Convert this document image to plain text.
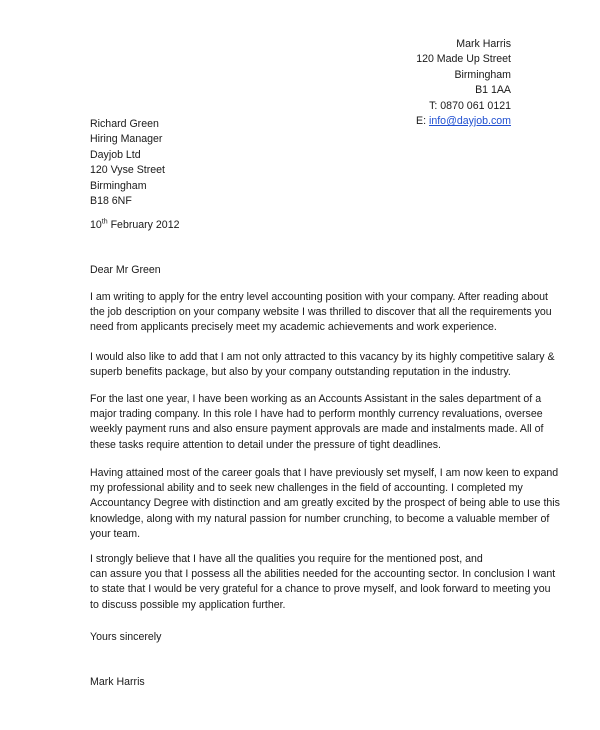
Mark Harris
120 Made Up Street
Birmingham
B1 1AA
T: 0870 061 0121
E: info@dayjob.com
Richard Green
Hiring Manager
Dayjob Ltd
120 Vyse Street
Birmingham
B18 6NF
10th February 2012
Dear Mr Green
I am writing to apply for the entry level accounting position with your company. After reading about
the job description on your company website I was thrilled to discover that all the requirements you
need from applicants precisely meet my academic achievements and work experience.
I would also like to add that I am not only attracted to this vacancy by its highly competitive salary &
superb benefits package, but also by your company outstanding reputation in the industry.
For the last one year, I have been working as an Accounts Assistant in the sales department of a
major trading company. In this role I have had to perform monthly currency revaluations, oversee
weekly payment runs and also ensure payment approvals are made and instalments made. All of
these tasks require attention to detail under the pressure of tight deadlines.
Having attained most of the career goals that I have previously set myself, I am now keen to expand
my professional ability and to seek new challenges in the field of accounting. I completed my
Accountancy Degree with distinction and am greatly excited by the prospect of being able to use this
knowledge, along with my natural passion for number crunching, to become a valuable member of
your team.
I strongly believe that I have all the qualities you require for the mentioned post, and
can assure you that I possess all the abilities needed for the accounting sector. In conclusion I want
to state that I would be very grateful for a chance to prove myself, and look forward to meeting you
to discuss possible my application further.
Yours sincerely
Mark Harris
